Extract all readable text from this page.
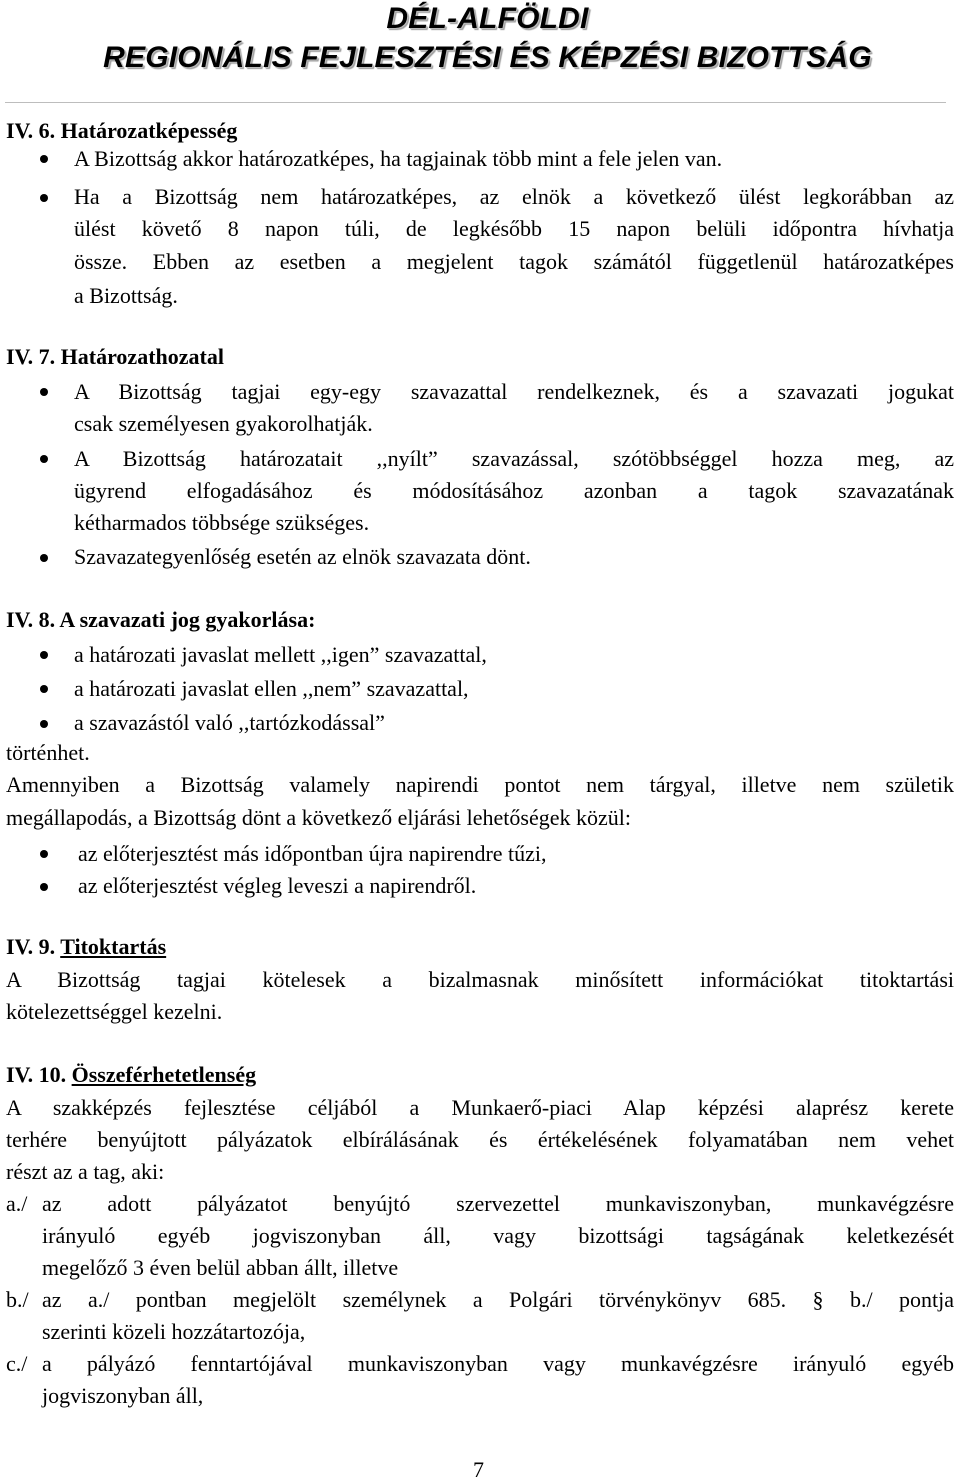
DÉL-ALFÖLDI
REGIONÁLIS FEJLESZTÉSI ÉS KÉPZÉSI BIZOTTSÁG
IV. 6. Határozatképesség
A Bizottság akkor határozatképes, ha tagjainak több mint a fele jelen van.
Ha a Bizottság nem határozatképes, az elnök a következő ülést legkorábban az
ülést követő 8 napon túli, de legkésőbb 15 napon belüli időpontra hívhatja
össze. Ebben az esetben a megjelent tagok számától függetlenül határozatképes
a Bizottság.
IV. 7. Határozathozatal
A Bizottság tagjai egy-egy szavazattal rendelkeznek, és a szavazati jogukat
csak személyesen gyakorolhatják.
A Bizottság határozatait ,,nyílt” szavazással, szótöbbséggel hozza meg, az
ügyrend elfogadásához és módosításához azonban a tagok szavazatának
kétharmados többsége szükséges.
Szavazategyenlőség esetén az elnök szavazata dönt.
IV. 8. A szavazati jog gyakorlása:
a határozati javaslat mellett ,,igen” szavazattal,
a határozati javaslat ellen ,,nem” szavazattal,
a szavazástól való ,,tartózkodással”
történhet.
Amennyiben a Bizottság valamely napirendi pontot nem tárgyal, illetve nem születik
megállapodás, a Bizottság dönt a következő eljárási lehetőségek közül:
az előterjesztést más időpontban újra napirendre tűzi,
az előterjesztést végleg leveszi a napirendről.
IV. 9. Titoktartás
A Bizottság tagjai kötelesek a bizalmasnak minősített információkat titoktartási
kötelezettséggel kezelni.
IV. 10. Összeférhetetlenség
A szakképzés fejlesztése céljából a Munkaerő-piaci Alap képzési alaprész kerete
terhére benyújtott pályázatok elbírálásának és értékelésének folyamatában nem vehet
részt az a tag, aki:
a./ az adott pályázatot benyújtó szervezettel munkaviszonyban, munkavégzésre
irányuló egyéb jogviszonyban áll, vagy bizottsági tagságának keletkezését
megelőző 3 éven belül abban állt, illetve
b./ az a./ pontban megjelölt személynek a Polgári törvénykönyv 685. § b./ pontja
szerinti közeli hozzátartozója,
c./ a pályázó fenntartójával munkaviszonyban vagy munkavégzésre irányuló egyéb
jogviszonyban áll,
7
